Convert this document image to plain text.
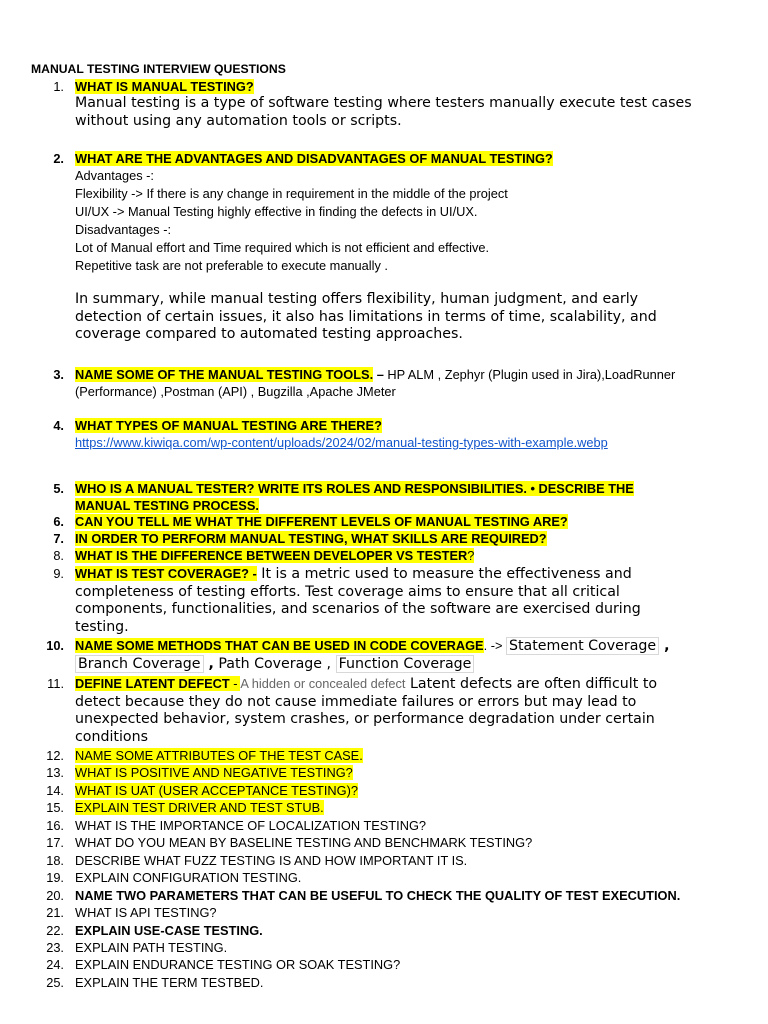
MANUAL TESTING INTERVIEW QUESTIONS
1. WHAT IS MANUAL TESTING?
Manual testing is a type of software testing where testers manually execute test cases
without using any automation tools or scripts.
2. WHAT ARE THE ADVANTAGES AND DISADVANTAGES OF MANUAL TESTING?
Advantages -:
Flexibility -> If there is any change in requirement in the middle of the project
UI/UX -> Manual Testing highly effective in finding the defects in UI/UX.
Disadvantages -:
Lot of Manual effort and Time required which is not efficient and effective.
Repetitive task are not preferable to execute manually .
In summary, while manual testing offers flexibility, human judgment, and early
detection of certain issues, it also has limitations in terms of time, scalability, and
coverage compared to automated testing approaches.
3. NAME SOME OF THE MANUAL TESTING TOOLS. – HP ALM , Zephyr (Plugin used in Jira),LoadRunner
(Performance) ,Postman (API) , Bugzilla ,Apache JMeter
4. WHAT TYPES OF MANUAL TESTING ARE THERE?
https://www.kiwiqa.com/wp-content/uploads/2024/02/manual-testing-types-with-example.webp
5. WHO IS A MANUAL TESTER? WRITE ITS ROLES AND RESPONSIBILITIES. • DESCRIBE THE
MANUAL TESTING PROCESS.
6. CAN YOU TELL ME WHAT THE DIFFERENT LEVELS OF MANUAL TESTING ARE?
7. IN ORDER TO PERFORM MANUAL TESTING, WHAT SKILLS ARE REQUIRED?
8. WHAT IS THE DIFFERENCE BETWEEN DEVELOPER VS TESTER?
9. WHAT IS TEST COVERAGE? - It is a metric used to measure the effectiveness and
completeness of testing efforts. Test coverage aims to ensure that all critical
components, functionalities, and scenarios of the software are exercised during
testing.
10. NAME SOME METHODS THAT CAN BE USED IN CODE COVERAGE. -> Statement Coverage ,
Branch Coverage , Path Coverage , Function Coverage
11. DEFINE LATENT DEFECT - A hidden or concealed defect Latent defects are often difficult to
detect because they do not cause immediate failures or errors but may lead to
unexpected behavior, system crashes, or performance degradation under certain
conditions
12. NAME SOME ATTRIBUTES OF THE TEST CASE.
13. WHAT IS POSITIVE AND NEGATIVE TESTING?
14. WHAT IS UAT (USER ACCEPTANCE TESTING)?
15. EXPLAIN TEST DRIVER AND TEST STUB.
16. WHAT IS THE IMPORTANCE OF LOCALIZATION TESTING?
17. WHAT DO YOU MEAN BY BASELINE TESTING AND BENCHMARK TESTING?
18. DESCRIBE WHAT FUZZ TESTING IS AND HOW IMPORTANT IT IS.
19. EXPLAIN CONFIGURATION TESTING.
20. NAME TWO PARAMETERS THAT CAN BE USEFUL TO CHECK THE QUALITY OF TEST EXECUTION.
21. WHAT IS API TESTING?
22. EXPLAIN USE-CASE TESTING.
23. EXPLAIN PATH TESTING.
24. EXPLAIN ENDURANCE TESTING OR SOAK TESTING?
25. EXPLAIN THE TERM TESTBED.
